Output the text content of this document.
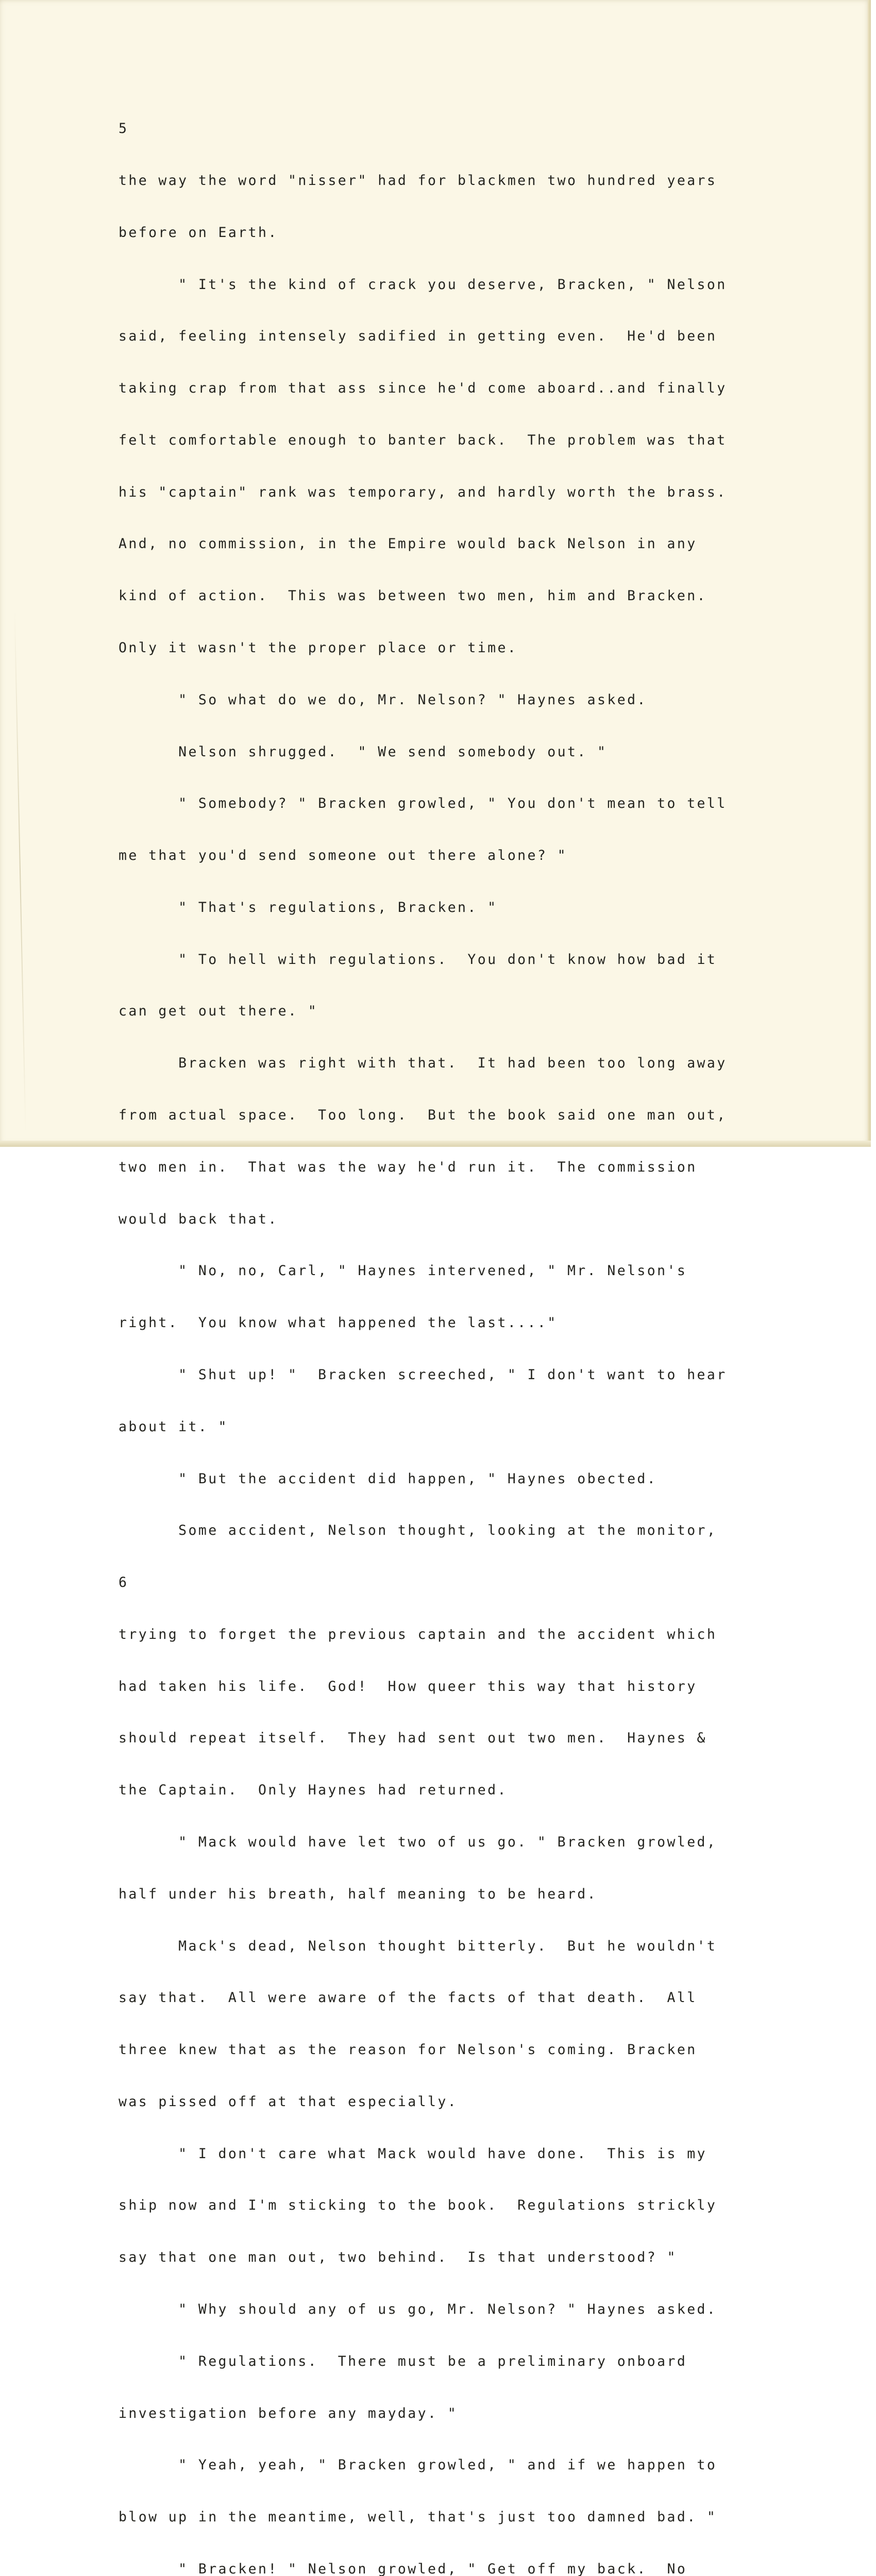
5

the way the word "nisser" had for blackmen two hundred years

before on Earth.

" It's the kind of crack you deserve, Bracken, " Nelson

said, feeling intensely sadified in getting even.  He'd been

taking crap from that ass since he'd come aboard..and finally

felt comfortable enough to banter back.  The problem was that

his "captain" rank was temporary, and hardly worth the brass.

And, no commission, in the Empire would back Nelson in any

kind of action.  This was between two men, him and Bracken.

Only it wasn't the proper place or time.

" So what do we do, Mr. Nelson? " Haynes asked.

Nelson shrugged.  " We send somebody out. "

" Somebody? " Bracken growled, " You don't mean to tell

me that you'd send someone out there alone? "

" That's regulations, Bracken. "

" To hell with regulations.  You don't know how bad it

can get out there. "

Bracken was right with that.  It had been too long away

from actual space.  Too long.  But the book said one man out,

two men in.  That was the way he'd run it.  The commission

would back that.

" No, no, Carl, " Haynes intervened, " Mr. Nelson's

right.  You know what happened the last...."

" Shut up! "  Bracken screeched, " I don't want to hear

about it. "

" But the accident did happen, " Haynes obected.

Some accident, Nelson thought, looking at the monitor,

6

trying to forget the previous captain and the accident which

had taken his life.  God!  How queer this way that history

should repeat itself.  They had sent out two men.  Haynes &

the Captain.  Only Haynes had returned.

" Mack would have let two of us go. " Bracken growled,

half under his breath, half meaning to be heard.

Mack's dead, Nelson thought bitterly.  But he wouldn't

say that.  All were aware of the facts of that death.  All

three knew that as the reason for Nelson's coming. Bracken

was pissed off at that especially.

" I don't care what Mack would have done.  This is my

ship now and I'm sticking to the book.  Regulations strickly

say that one man out, two behind.  Is that understood? "

" Why should any of us go, Mr. Nelson? " Haynes asked.

" Regulations.  There must be a preliminary onboard

investigation before any mayday. "

" Yeah, yeah, " Bracken growled, " and if we happen to

blow up in the meantime, well, that's just too damned bad. "

" Bracken! " Nelson growled, " Get off my back.  No
